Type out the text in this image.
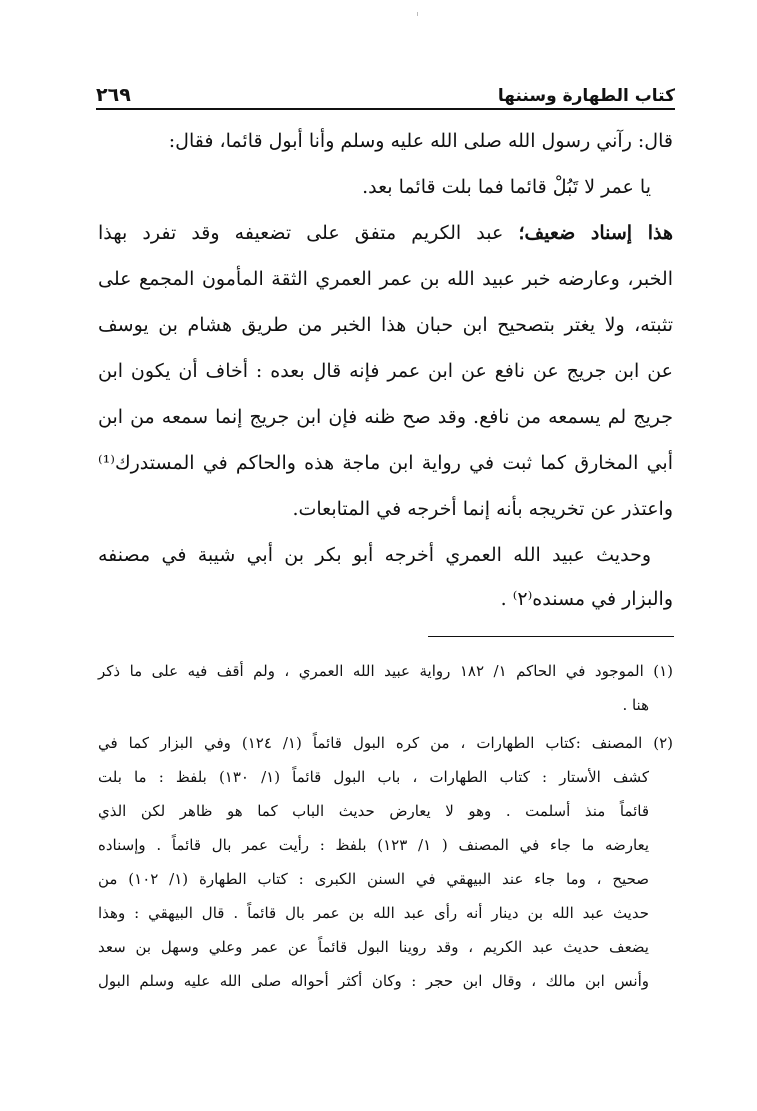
كتاب الطهارة وسننها
٢٦٩
قال: رآني رسول الله صلى الله عليه وسلم وأنا أبول قائما، فقال:
يا عمر لا تَبُلْ قائما فما بلت قائما بعد.
هذا إسناد ضعيف؛ عبد الكريم متفق على تضعيفه وقد تفرد بهذا
الخبر، وعارضه خبر عبيد الله بن عمر العمري الثقة المأمون المجمع على
تثبته، ولا يغتر بتصحيح ابن حبان هذا الخبر من طريق هشام بن يوسف
عن ابن جريج عن نافع عن ابن عمر فإنه قال بعده : أخاف أن يكون ابن
جريج لم يسمعه من نافع. وقد صح ظنه فإن ابن جريج إنما سمعه من ابن
أبي المخارق كما ثبت في رواية ابن ماجة هذه والحاكم في المستدرك⁽¹⁾
واعتذر عن تخريجه بأنه إنما أخرجه في المتابعات.
وحديث عبيد الله العمري أخرجه أبو بكر بن أبي شيبة في مصنفه
والبزار في مسنده⁽٢⁾ .
(١) الموجود في الحاكم ١/ ١٨٢ رواية عبيد الله العمري ، ولم أقف فيه على ما ذكر
هنا .
(٢) المصنف :كتاب الطهارات ، من كره البول قائماً (١/ ١٢٤) وفي البزار كما في
كشف الأستار : كتاب الطهارات ، باب البول قائماً (١/ ١٣٠) بلفظ : ما بلت
قائماً منذ أسلمت . وهو لا يعارض حديث الباب كما هو ظاهر لكن الذي
يعارضه ما جاء في المصنف ( ١/ ١٢٣) بلفظ : رأيت عمر بال قائماً . وإسناده
صحيح ، وما جاء عند البيهقي في السنن الكبرى : كتاب الطهارة (١/ ١٠٢) من
حديث عبد الله بن دينار أنه رأى عبد الله بن عمر بال قائماً . قال البيهقي : وهذا
يضعف حديث عبد الكريم ، وقد روينا البول قائماً عن عمر وعلي وسهل بن سعد
وأنس ابن مالك ، وقال ابن حجر : وكان أكثر أحواله صلى الله عليه وسلم البول
